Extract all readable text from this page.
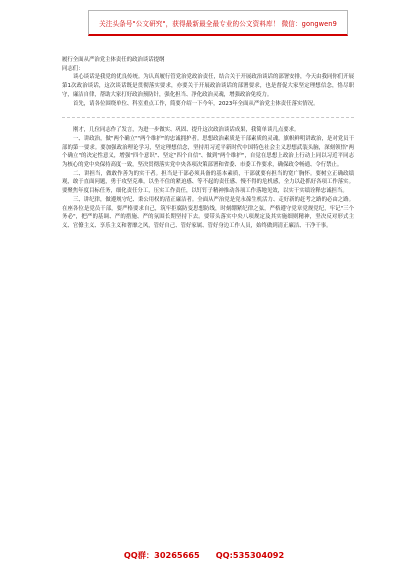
关注头条号"公文研究"，获得最新最全最专业的公文资料库！ 微信：gongwen9

履行全面从严治党主体责任的政治谈话提纲

同志们：

谈心谈话是我党的优良传统。为认真履行管党治党政治责任，结合关于开展政治谈话的部署安排，今天由我同你们开展第1次政治谈话，这次谈话既是贯彻落实要求，亦要关于开展政治谈话的部署要求，也是督促大家坚定理想信念，恪尽职守，廉洁自律，帮助大家打好政治预防针，强化担当、净化政治灵魂，增强政治免疫力。

首先，请各位围绕单位、科室重点工作，简要介绍一下今年，2023年全面从严治党主体责任落实情况。

刚才，几位同志作了发言，为进一步做实、巩固、提升这次政治谈话成果，我简单谈几点要求。

一、讲政治，做"两个确立""两个维护"的忠诚拥护者。思想政治素质是干部素质的灵魂，旗帜鲜明讲政治，是对党员干部的第一要求。要加强政治理论学习，坚定理想信念，坚持用习近平新时代中国特色社会主义思想武装头脑，深刻领悟"两个确立"的决定性意义，增强"四个意识"、坚定"四个自信"、做到"两个维护"，自觉在思想上政治上行动上同以习近平同志为核心的党中央保持高度一致，坚决贯彻落实党中央各项决策部署和省委、市委工作要求，确保政令畅通、令行禁止。

二、讲担当，做敢作善为的实干者。担当是干部必须具备的基本素质，干部就要有担当的宽广胸怀。要树立正确政绩观，敢于直面问题，勇于攻坚克难，以坐不住的紧迫感、等不起的责任感、慢不得的危机感，全力以赴抓好各项工作落实。要聚焦年度目标任务，细化责任分工，压实工作责任，以钉钉子精神推动各项工作落地见效，以实干实绩诠释忠诚担当。

三、讲纪律，做遵规守纪、秉公用权的清正廉洁者。全面从严治党是党永葆生机活力、走好新的赶考之路的必由之路。在座各位是党员干部，要严格要求自己，筑牢拒腐防变思想防线，时刻绷紧纪律之弦，严格遵守党章党规党纪，牢记"三个务必"，把严的基调、严的措施、严的氛围长期坚持下去。要带头落实中央八项规定及其实施细则精神，坚决反对形式主义、官僚主义、享乐主义和奢靡之风，管好自己、管好家属、管好身边工作人员，始终做到清正廉洁、干净干事。

QQ群：30265665 QQ:535304092
